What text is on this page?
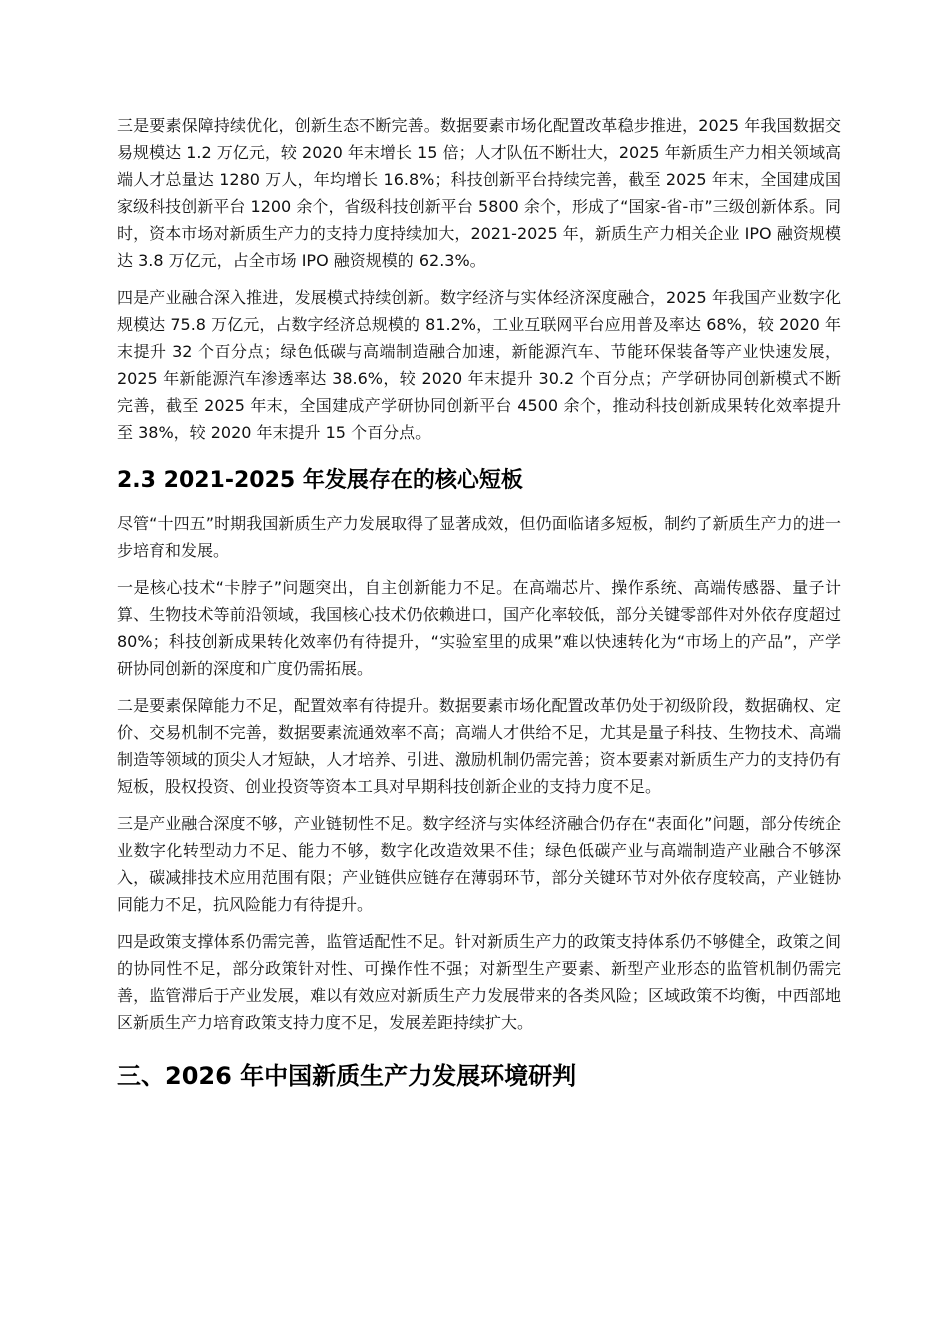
三是要素保障持续优化，创新生态不断完善。数据要素市场化配置改革稳步推进，2025 年我国数据交易规模达 1.2 万亿元，较 2020 年末增长 15 倍；人才队伍不断壮大，2025 年新质生产力相关领域高端人才总量达 1280 万人，年均增长 16.8%；科技创新平台持续完善，截至 2025 年末，全国建成国家级科技创新平台 1200 余个，省级科技创新平台 5800 余个，形成了“国家-省-市”三级创新体系。同时，资本市场对新质生产力的支持力度持续加大，2021-2025 年，新质生产力相关企业 IPO 融资规模达 3.8 万亿元，占全市场 IPO 融资规模的 62.3%。

四是产业融合深入推进，发展模式持续创新。数字经济与实体经济深度融合，2025 年我国产业数字化规模达 75.8 万亿元，占数字经济总规模的 81.2%，工业互联网平台应用普及率达 68%，较 2020 年末提升 32 个百分点；绿色低碳与高端制造融合加速，新能源汽车、节能环保装备等产业快速发展，2025 年新能源汽车渗透率达 38.6%，较 2020 年末提升 30.2 个百分点；产学研协同创新模式不断完善，截至 2025 年末，全国建成产学研协同创新平台 4500 余个，推动科技创新成果转化效率提升至 38%，较 2020 年末提升 15 个百分点。

2.3 2021-2025 年发展存在的核心短板

尽管“十四五”时期我国新质生产力发展取得了显著成效，但仍面临诸多短板，制约了新质生产力的进一步培育和发展。

一是核心技术“卡脖子”问题突出，自主创新能力不足。在高端芯片、操作系统、高端传感器、量子计算、生物技术等前沿领域，我国核心技术仍依赖进口，国产化率较低，部分关键零部件对外依存度超过 80%；科技创新成果转化效率仍有待提升，“实验室里的成果”难以快速转化为“市场上的产品”，产学研协同创新的深度和广度仍需拓展。

二是要素保障能力不足，配置效率有待提升。数据要素市场化配置改革仍处于初级阶段，数据确权、定价、交易机制不完善，数据要素流通效率不高；高端人才供给不足，尤其是量子科技、生物技术、高端制造等领域的顶尖人才短缺，人才培养、引进、激励机制仍需完善；资本要素对新质生产力的支持仍有短板，股权投资、创业投资等资本工具对早期科技创新企业的支持力度不足。

三是产业融合深度不够，产业链韧性不足。数字经济与实体经济融合仍存在“表面化”问题，部分传统企业数字化转型动力不足、能力不够，数字化改造效果不佳；绿色低碳产业与高端制造产业融合不够深入，碳减排技术应用范围有限；产业链供应链存在薄弱环节，部分关键环节对外依存度较高，产业链协同能力不足，抗风险能力有待提升。

四是政策支撑体系仍需完善，监管适配性不足。针对新质生产力的政策支持体系仍不够健全，政策之间的协同性不足，部分政策针对性、可操作性不强；对新型生产要素、新型产业形态的监管机制仍需完善，监管滞后于产业发展，难以有效应对新质生产力发展带来的各类风险；区域政策不均衡，中西部地区新质生产力培育政策支持力度不足，发展差距持续扩大。

三、2026 年中国新质生产力发展环境研判
